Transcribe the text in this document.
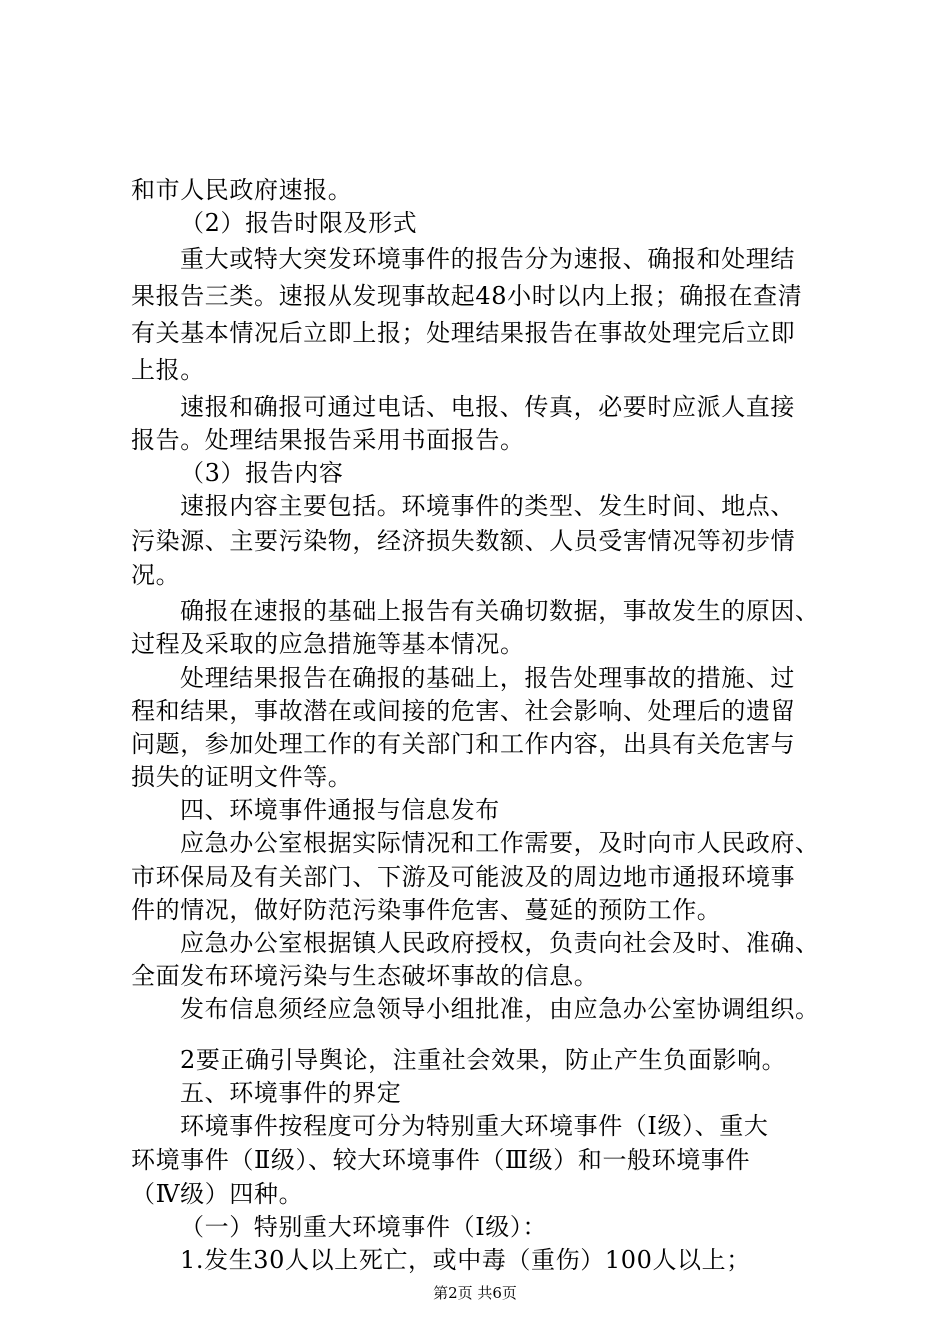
和市人民政府速报。
（2）报告时限及形式
重大或特大突发环境事件的报告分为速报、确报和处理结
果报告三类。速报从发现事故起48小时以内上报；确报在查清
有关基本情况后立即上报；处理结果报告在事故处理完后立即
上报。
速报和确报可通过电话、电报、传真，必要时应派人直接
报告。处理结果报告采用书面报告。
（3）报告内容
速报内容主要包括。环境事件的类型、发生时间、地点、
污染源、主要污染物，经济损失数额、人员受害情况等初步情
况。
确报在速报的基础上报告有关确切数据，事故发生的原因、
过程及采取的应急措施等基本情况。
处理结果报告在确报的基础上，报告处理事故的措施、过
程和结果，事故潜在或间接的危害、社会影响、处理后的遗留
问题，参加处理工作的有关部门和工作内容，出具有关危害与
损失的证明文件等。
四、环境事件通报与信息发布
应急办公室根据实际情况和工作需要，及时向市人民政府、
市环保局及有关部门、下游及可能波及的周边地市通报环境事
件的情况，做好防范污染事件危害、蔓延的预防工作。
应急办公室根据镇人民政府授权，负责向社会及时、准确、
全面发布环境污染与生态破坏事故的信息。
发布信息须经应急领导小组批准，由应急办公室协调组织。
2要正确引导舆论，注重社会效果，防止产生负面影响。
五、环境事件的界定
环境事件按程度可分为特别重大环境事件（Ⅰ级）、重大
环境事件（Ⅱ级）、较大环境事件（Ⅲ级）和一般环境事件
（Ⅳ级）四种。
（一）特别重大环境事件（Ⅰ级）：
1.发生30人以上死亡，或中毒（重伤）100人以上；
第2页 共6页
